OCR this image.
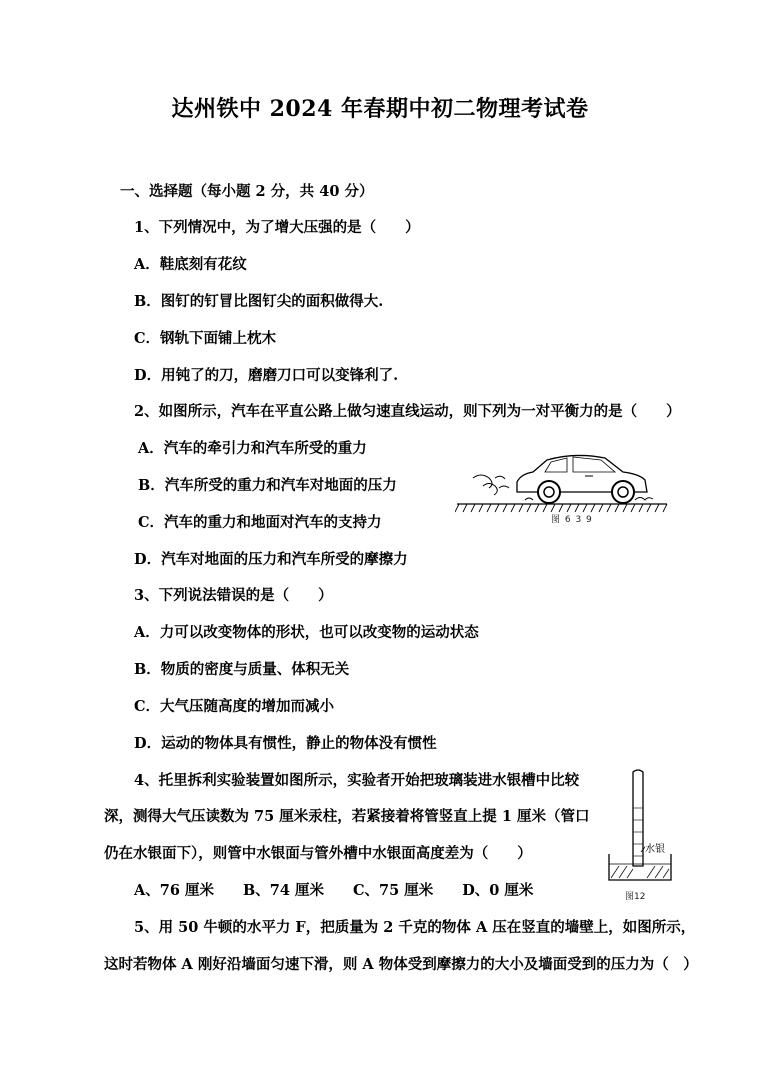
达州铁中 2024 年春期中初二物理考试卷
一、选择题（每小题 2 分，共 40 分）
1、下列情况中，为了增大压强的是（　　）
A．鞋底刻有花纹
B．图钉的钉冒比图钉尖的面积做得大.
C．钢轨下面铺上枕木
D．用钝了的刀，磨磨刀口可以变锋利了.
2、如图所示，汽车在平直公路上做匀速直线运动，则下列为一对平衡力的是（　　）
A．汽车的牵引力和汽车所受的重力
B．汽车所受的重力和汽车对地面的压力
C．汽车的重力和地面对汽车的支持力
D．汽车对地面的压力和汽车所受的摩擦力
图 6 3 9
3、下列说法错误的是（　　）
A．力可以改变物体的形状，也可以改变物的运动状态
B．物质的密度与质量、体积无关
C．大气压随高度的增加而减小
D．运动的物体具有惯性，静止的物体没有惯性
4、托里拆利实验装置如图所示，实验者开始把玻璃装进水银槽中比较
深，测得大气压读数为 75 厘米汞柱，若紧接着将管竖直上提 1 厘米（管口
仍在水银面下），则管中水银面与管外槽中水银面高度差为（　　）
A、76 厘米　　B、74 厘米　　C、75 厘米　　D、0 厘米
水银
图12
5、用 50 牛顿的水平力 F，把质量为 2 千克的物体 A 压在竖直的墙壁上，如图所示，
这时若物体 A 刚好沿墙面匀速下滑，则 A 物体受到摩擦力的大小及墙面受到的压力为（　）
